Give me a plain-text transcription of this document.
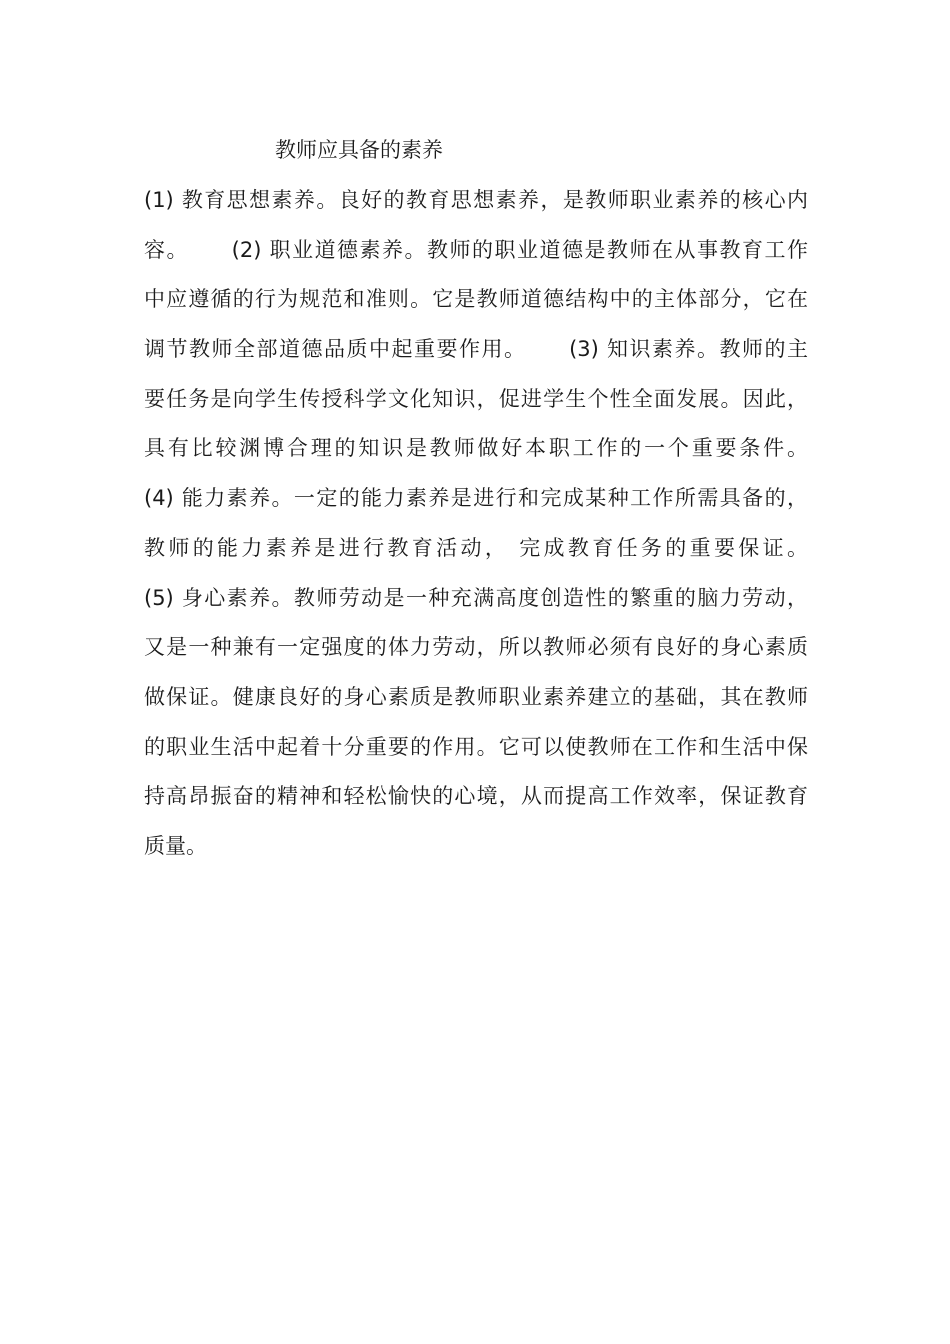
教师应具备的素养
(1) 教育思想素养。良好的教育思想素养，是教师职业素养的核心内
容。　　 (2) 职业道德素养。教师的职业道德是教师在从事教育工作
中应遵循的行为规范和准则。它是教师道德结构中的主体部分，它在
调节教师全部道德品质中起重要作用。　　 (3) 知识素养。教师的主
要任务是向学生传授科学文化知识，促进学生个性全面发展。因此，
具有比较渊博合理的知识是教师做好本职工作的一个重要条件。
(4) 能力素养。一定的能力素养是进行和完成某种工作所需具备的，
教师的能力素养是进行教育活动， 完成教育任务的重要保证。
(5) 身心素养。教师劳动是一种充满高度创造性的繁重的脑力劳动，
又是一种兼有一定强度的体力劳动，所以教师必须有良好的身心素质
做保证。健康良好的身心素质是教师职业素养建立的基础，其在教师
的职业生活中起着十分重要的作用。它可以使教师在工作和生活中保
持高昂振奋的精神和轻松愉快的心境，从而提高工作效率，保证教育
质量。
